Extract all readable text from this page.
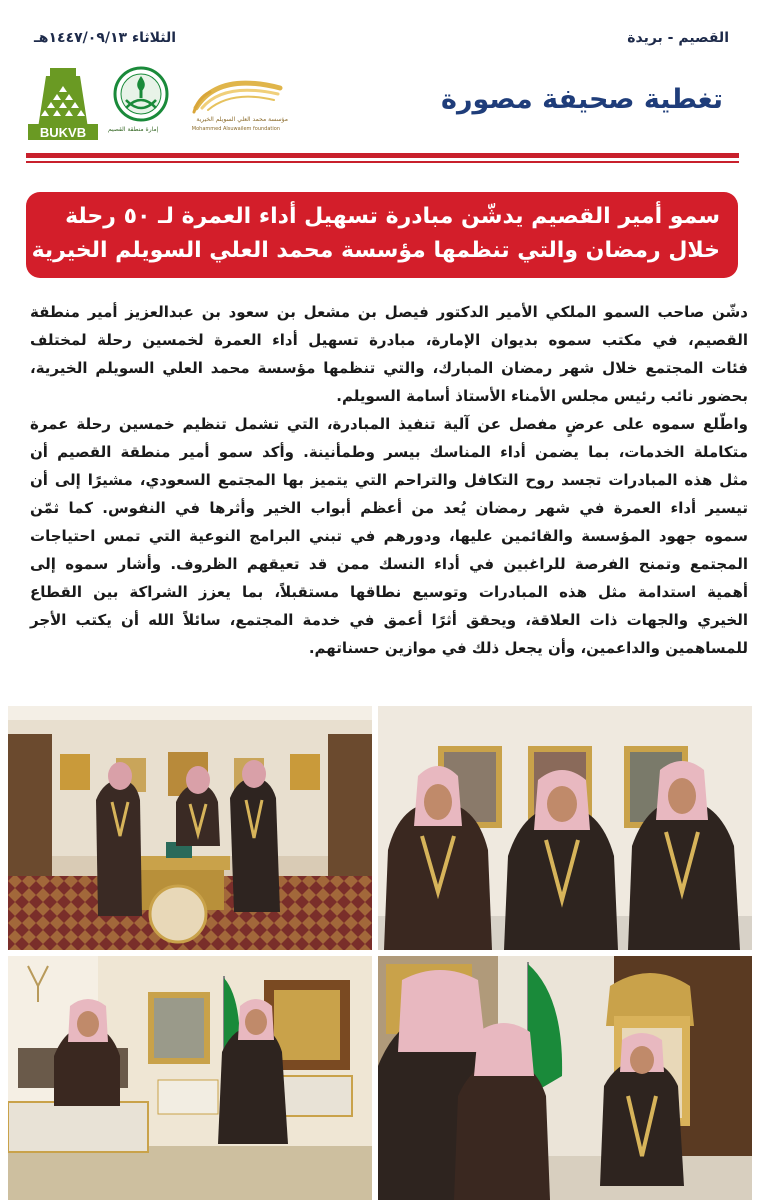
القصيم - بريدة
الثلاثاء ١٤٤٧/٠٩/١٣هـ
BUKVB	إمارة منطقة القصيم
مؤسسة محمد العلي السويلم الخيرية
Mohammed Alsuwailem foundation
تغطية صحيفة مصورة
سمو أمير القصيم يدشّن مبادرة تسهيل أداء العمرة لـ ٥٠ رحلة
خلال رمضان والتي تنظمها مؤسسة محمد العلي السويلم الخيرية
دشّن صاحب السمو الملكي الأمير الدكتور فيصل بن مشعل بن سعود بن عبدالعزيز أمير منطقة
القصيم، في مكتب سموه بديوان الإمارة، مبادرة تسهيل أداء العمرة لخمسين رحلة لمختلف
فئات المجتمع خلال شهر رمضان المبارك، والتي تنظمها مؤسسة محمد العلي السويلم الخيرية،
بحضور نائب رئيس مجلس الأمناء الأستاذ أسامة السويلم.
واطّلع سموه على عرضٍ مفصل عن آلية تنفيذ المبادرة، التي تشمل تنظيم خمسين رحلة عمرة
متكاملة الخدمات، بما يضمن أداء المناسك بيسر وطمأنينة. وأكد سمو أمير منطقة القصيم أن
مثل هذه المبادرات تجسد روح التكافل والتراحم التي يتميز بها المجتمع السعودي، مشيرًا إلى أن
تيسير أداء العمرة في شهر رمضان يُعد من أعظم أبواب الخير وأثرها في النفوس. كما ثمّن
سموه جهود المؤسسة والقائمين عليها، ودورهم في تبني البرامج النوعية التي تمس احتياجات
المجتمع وتمنح الفرصة للراغبين في أداء النسك ممن قد تعيقهم الظروف. وأشار سموه إلى
أهمية استدامة مثل هذه المبادرات وتوسيع نطاقها مستقبلاً، بما يعزز الشراكة بين القطاع
الخيري والجهات ذات العلاقة، ويحقق أثرًا أعمق في خدمة المجتمع، سائلاً الله أن يكتب الأجر
للمساهمين والداعمين، وأن يجعل ذلك في موازين حسناتهم.
